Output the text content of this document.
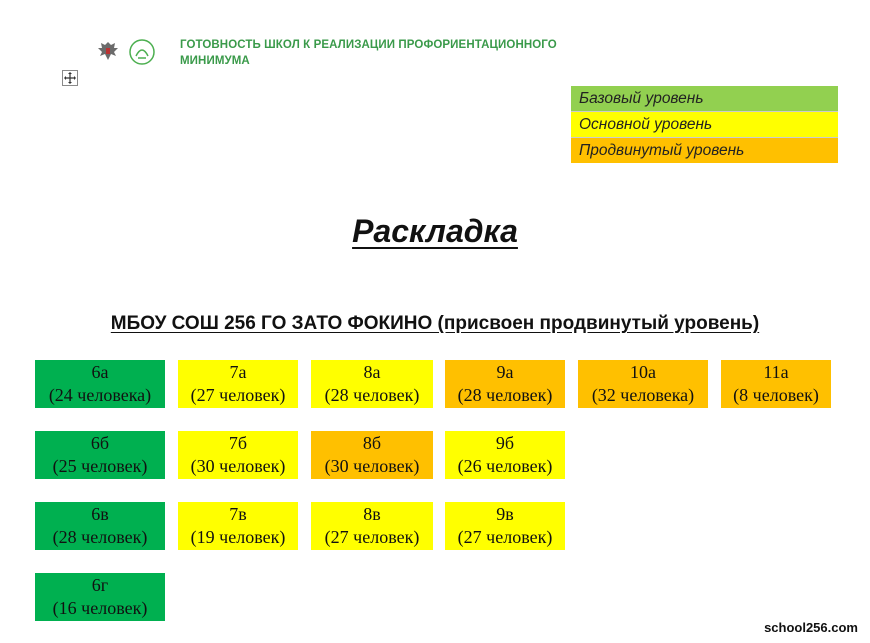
ГОТОВНОСТЬ ШКОЛ К РЕАЛИЗАЦИИ ПРОФОРИЕНТАЦИОННОГО МИНИМУМА
Базовый уровень
Основной уровень
Продвинутый уровень
Раскладка
МБОУ СОШ 256 ГО ЗАТО ФОКИНО (присвоен продвинутый уровень)
6а
(24 человека)
7а
(27 человек)
8а
(28 человек)
9а
(28 человек)
10а
(32 человека)
11а
(8 человек)
6б
(25 человек)
7б
(30 человек)
8б
(30 человек)
9б
(26 человек)
6в
(28 человек)
7в
(19 человек)
8в
(27 человек)
9в
(27 человек)
6г
(16 человек)
school256.com
